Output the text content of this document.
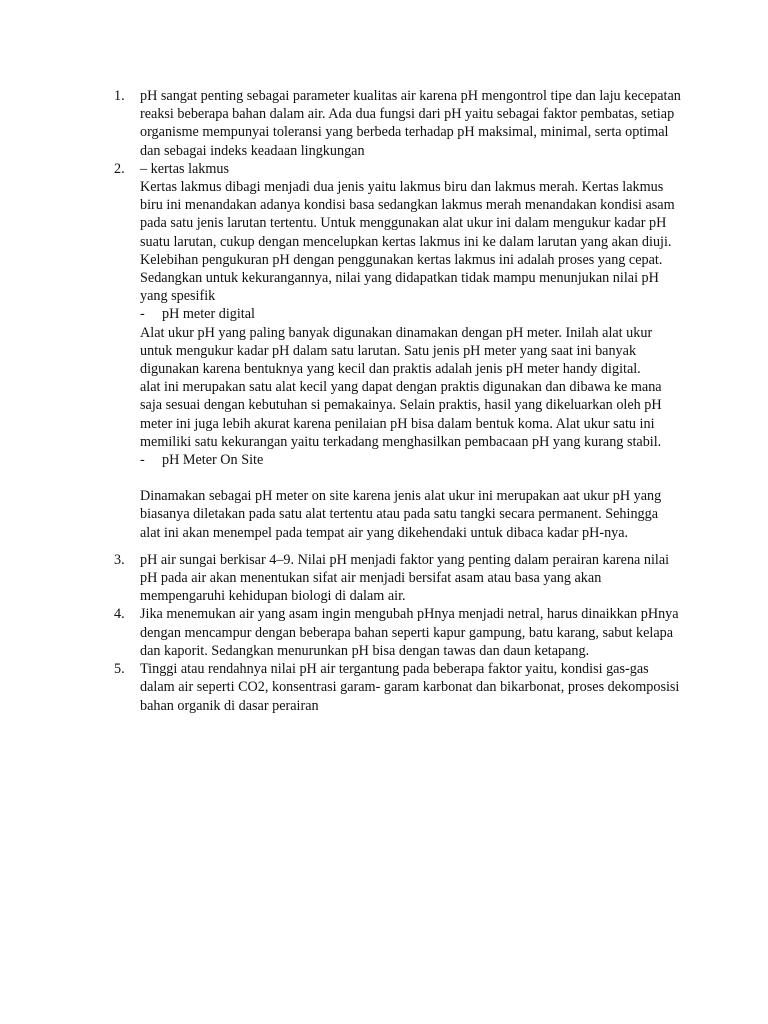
1. pH sangat penting sebagai parameter kualitas air karena pH mengontrol tipe dan laju kecepatan reaksi beberapa bahan dalam air. Ada dua fungsi dari pH yaitu sebagai faktor pembatas, setiap organisme mempunyai toleransi yang berbeda terhadap pH maksimal, minimal, serta optimal dan sebagai indeks keadaan lingkungan

2. – kertas lakmus

Kertas lakmus dibagi menjadi dua jenis yaitu lakmus biru dan lakmus merah. Kertas lakmus biru ini menandakan adanya kondisi basa sedangkan lakmus merah menandakan kondisi asam pada satu jenis larutan tertentu. Untuk menggunakan alat ukur ini dalam mengukur kadar pH suatu larutan, cukup dengan mencelupkan kertas lakmus ini ke dalam larutan yang akan diuji.

Kelebihan pengukuran pH dengan penggunakan kertas lakmus ini adalah proses yang cepat. Sedangkan untuk kekurangannya, nilai yang didapatkan tidak mampu menunjukan nilai pH yang spesifik

- pH meter digital

Alat ukur pH yang paling banyak digunakan dinamakan dengan pH meter. Inilah alat ukur untuk mengukur kadar pH dalam satu larutan. Satu jenis pH meter yang saat ini banyak digunakan karena bentuknya yang kecil dan praktis adalah jenis pH meter handy digital.

alat ini merupakan satu alat kecil yang dapat dengan praktis digunakan dan dibawa ke mana saja sesuai dengan kebutuhan si pemakainya. Selain praktis, hasil yang dikeluarkan oleh pH meter ini juga lebih akurat karena penilaian pH bisa dalam bentuk koma. Alat ukur satu ini memiliki satu kekurangan yaitu terkadang menghasilkan pembacaan pH yang kurang stabil.

- pH Meter On Site

Dinamakan sebagai pH meter on site karena jenis alat ukur ini merupakan aat ukur pH yang biasanya diletakan pada satu alat tertentu atau pada satu tangki secara permanent. Sehingga alat ini akan menempel pada tempat air yang dikehendaki untuk dibaca kadar pH-nya.

3. pH air sungai berkisar 4–9. Nilai pH menjadi faktor yang penting dalam perairan karena nilai pH pada air akan menentukan sifat air menjadi bersifat asam atau basa yang akan mempengaruhi kehidupan biologi di dalam air.

4. Jika menemukan air yang asam ingin mengubah pHnya menjadi netral, harus dinaikkan pHnya dengan mencampur dengan beberapa bahan seperti kapur gampung, batu karang, sabut kelapa dan kaporit. Sedangkan menurunkan pH bisa dengan tawas dan daun ketapang.

5. Tinggi atau rendahnya nilai pH air tergantung pada beberapa faktor yaitu, kondisi gas-gas dalam air seperti CO2, konsentrasi garam- garam karbonat dan bikarbonat, proses dekomposisi bahan organik di dasar perairan
